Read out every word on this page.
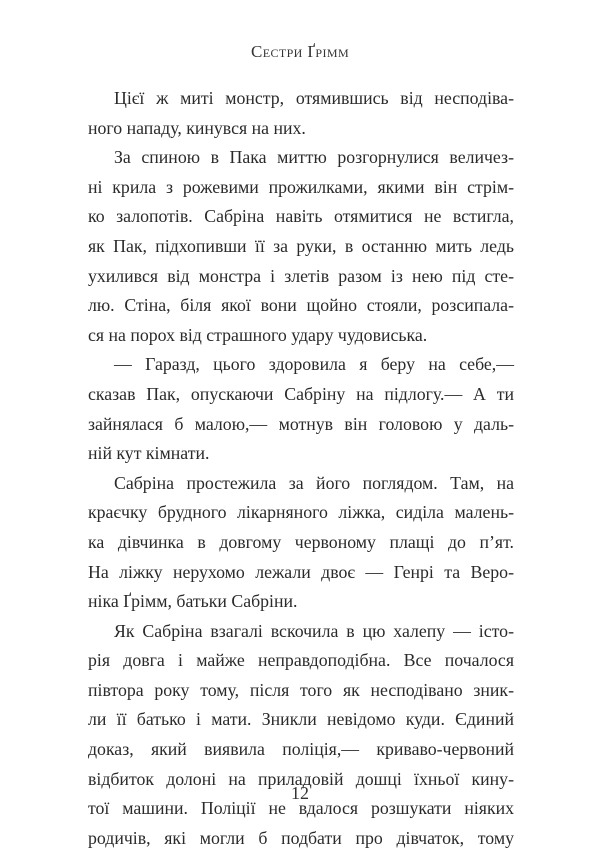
Сестри Ґрімм
Цієї ж миті монстр, отямившись від несподіва-
ного нападу, кинувся на них.
За спиною в Пака миттю розгорнулися величез-
ні крила з рожевими прожилками, якими він стрім-
ко залопотів. Сабріна навіть отямитися не встигла,
як Пак, підхопивши її за руки, в останню мить ледь
ухилився від монстра і злетів разом із нею під сте-
лю. Стіна, біля якої вони щойно стояли, розсипала-
ся на порох від страшного удару чудовиська.
— Гаразд, цього здоровила я беру на себе,—
сказав Пак, опускаючи Сабріну на підлогу.— А ти
зайнялася б малою,— мотнув він головою у даль-
ній кут кімнати.
Сабріна простежила за його поглядом. Там, на
краєчку брудного лікарняного ліжка, сиділа малень-
ка дівчинка в довгому червоному плащі до п’ят.
На ліжку нерухомо лежали двоє — Генрі та Веро-
ніка Ґрімм, батьки Сабріни.
Як Сабріна взагалі вскочила в цю халепу — істо-
рія довга і майже неправдоподібна. Все почалося
півтора року тому, після того як несподівано зник-
ли її батько і мати. Зникли невідомо куди. Єдиний
доказ, який виявила поліція,— криваво-червоний
відбиток долоні на приладовій дошці їхньої кину-
тої машини. Поліції не вдалося розшукати ніяких
родичів, які могли б подбати про дівчаток, тому
12
